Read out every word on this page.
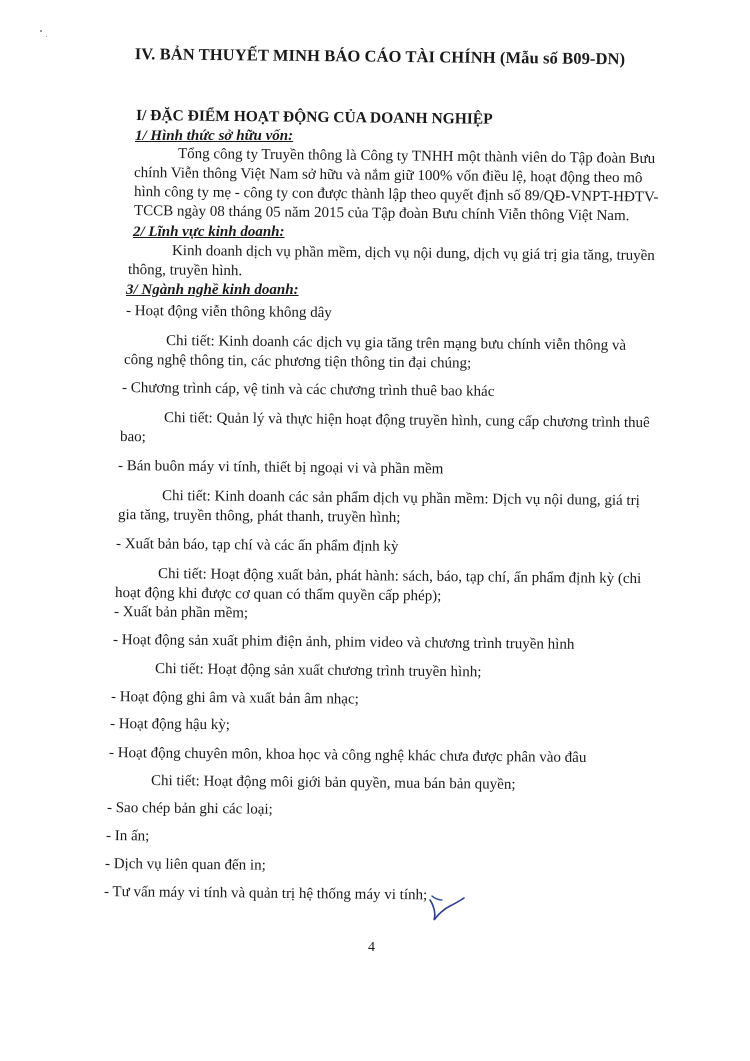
IV. BẢN THUYẾT MINH BÁO CÁO TÀI CHÍNH (Mẫu số B09-DN)
I/ ĐẶC ĐIỂM HOẠT ĐỘNG CỦA DOANH NGHIỆP
1/ Hình thức sở hữu vốn:
Tổng công ty Truyền thông là Công ty TNHH một thành viên do Tập đoàn Bưu
chính Viễn thông Việt Nam sở hữu và nắm giữ 100% vốn điều lệ, hoạt động theo mô
hình công ty mẹ - công ty con được thành lập theo quyết định số 89/QĐ-VNPT-HĐTV-
TCCB ngày 08 tháng 05 năm 2015 của Tập đoàn Bưu chính Viễn thông Việt Nam.
2/ Lĩnh vực kinh doanh:
Kinh doanh dịch vụ phần mềm, dịch vụ nội dung, dịch vụ giá trị gia tăng, truyền
thông, truyền hình.
3/ Ngành nghề kinh doanh:
- Hoạt động viễn thông không dây
Chi tiết: Kinh doanh các dịch vụ gia tăng trên mạng bưu chính viễn thông và
công nghệ thông tin, các phương tiện thông tin đại chúng;
- Chương trình cáp, vệ tinh và các chương trình thuê bao khác
Chi tiết: Quản lý và thực hiện hoạt động truyền hình, cung cấp chương trình thuê
bao;
- Bán buôn máy vi tính, thiết bị ngoại vi và phần mềm
Chi tiết: Kinh doanh các sản phẩm dịch vụ phần mềm: Dịch vụ nội dung, giá trị
gia tăng, truyền thông, phát thanh, truyền hình;
- Xuất bản báo, tạp chí và các ấn phẩm định kỳ
Chi tiết: Hoạt động xuất bản, phát hành: sách, báo, tạp chí, ấn phẩm định kỳ (chi
hoạt động khi được cơ quan có thẩm quyền cấp phép);
- Xuất bản phần mềm;
- Hoạt động sản xuất phim điện ảnh, phim video và chương trình truyền hình
Chi tiết: Hoạt động sản xuất chương trình truyền hình;
- Hoạt động ghi âm và xuất bản âm nhạc;
- Hoạt động hậu kỳ;
- Hoạt động chuyên môn, khoa học và công nghệ khác chưa được phân vào đâu
Chi tiết: Hoạt động môi giới bản quyền, mua bán bản quyền;
- Sao chép bản ghi các loại;
- In ấn;
- Dịch vụ liên quan đến in;
- Tư vấn máy vi tính và quản trị hệ thống máy vi tính;
4
